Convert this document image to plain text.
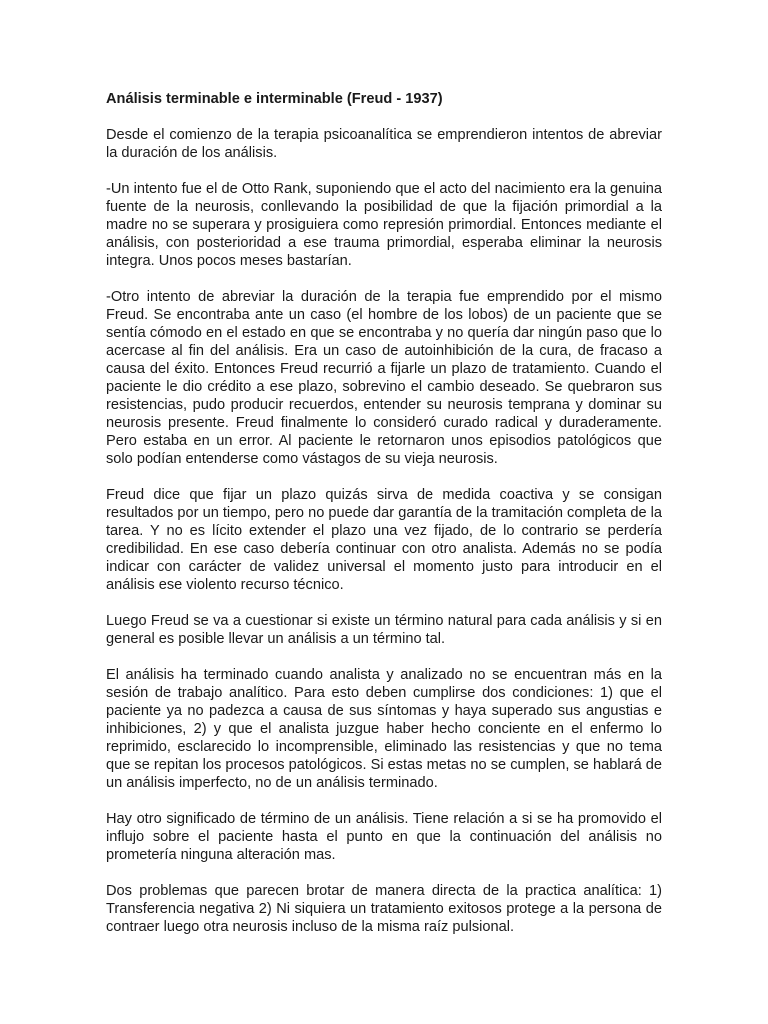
Análisis terminable e interminable (Freud - 1937)

Desde el comienzo de la terapia psicoanalítica se emprendieron intentos de abreviar la duración de los análisis.

-Un intento fue el de Otto Rank, suponiendo que el acto del nacimiento era la genuina fuente de la neurosis, conllevando la posibilidad de que la fijación primordial a la madre no se superara y prosiguiera como represión primordial. Entonces mediante el análisis, con posterioridad a ese trauma primordial, esperaba eliminar la neurosis integra. Unos pocos meses bastarían.

-Otro intento de abreviar la duración de la terapia fue emprendido por el mismo Freud. Se encontraba ante un caso (el hombre de los lobos) de un paciente que se sentía cómodo en el estado en que se encontraba y no quería dar ningún paso que lo acercase al fin del análisis. Era un caso de autoinhibición de la cura, de fracaso a causa del éxito. Entonces Freud recurrió a fijarle un plazo de tratamiento. Cuando el paciente le dio crédito a ese plazo, sobrevino el cambio deseado. Se quebraron sus resistencias, pudo producir recuerdos, entender su neurosis temprana y dominar su neurosis presente. Freud finalmente lo consideró curado radical y duraderamente. Pero estaba en un error. Al paciente le retornaron unos episodios patológicos que solo podían entenderse como vástagos de su vieja neurosis.

Freud dice que fijar un plazo quizás sirva de medida coactiva y se consigan resultados por un tiempo, pero no puede dar garantía de la tramitación completa de la tarea. Y no es lícito extender el plazo una vez fijado, de lo contrario se perdería credibilidad. En ese caso debería continuar con otro analista. Además no se podía indicar con carácter de validez universal el momento justo para introducir en el análisis ese violento recurso técnico.

Luego Freud se va a cuestionar si existe un término natural para cada análisis y si en general es posible llevar un análisis a un término tal.

El análisis ha terminado cuando analista y analizado no se encuentran más en la sesión de trabajo analítico. Para esto deben cumplirse dos condiciones: 1) que el paciente ya no padezca a causa de sus síntomas y haya superado sus angustias e inhibiciones, 2) y que el analista juzgue haber hecho conciente en el enfermo lo reprimido, esclarecido lo incomprensible, eliminado las resistencias y que no tema que se repitan los procesos patológicos. Si estas metas no se cumplen, se hablará de un análisis imperfecto, no de un análisis terminado.

Hay otro significado de término de un análisis. Tiene relación a si se ha promovido el influjo sobre el paciente hasta el punto en que la continuación del análisis no prometería ninguna alteración mas.

Dos problemas que parecen brotar de manera directa de la practica analítica: 1) Transferencia negativa 2) Ni siquiera un tratamiento exitosos protege a la persona de contraer luego otra neurosis incluso de la misma raíz pulsional.
